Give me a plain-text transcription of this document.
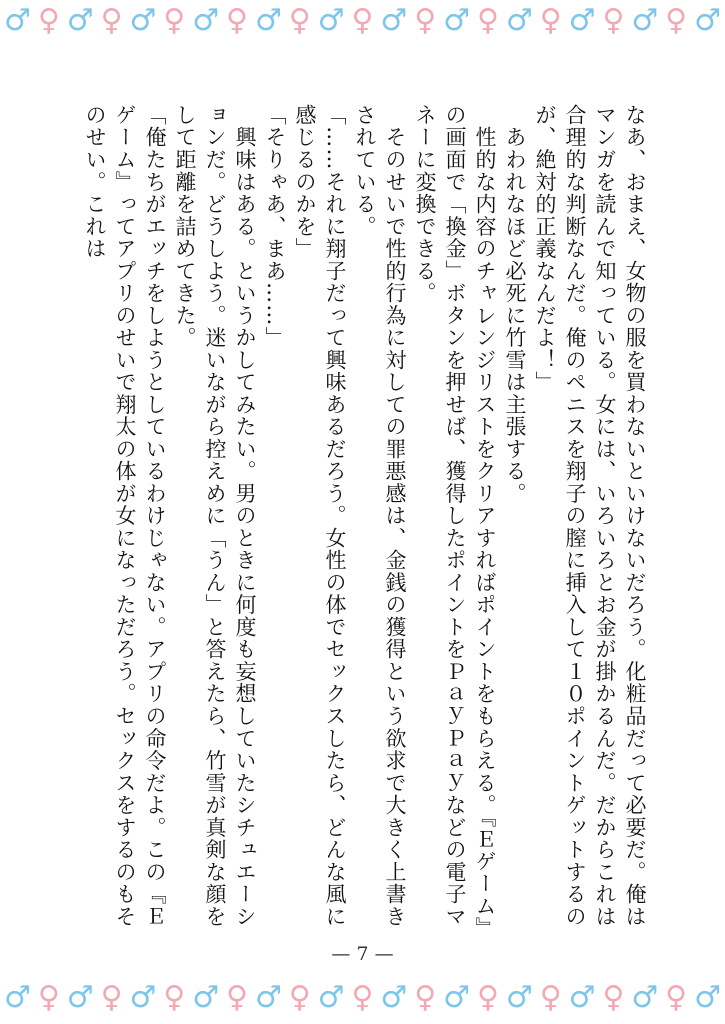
♂ ♀ ♂ ♀ ♂ ♀ ♂ ♀ ♂ ♀ ♂ ♀ ♂ ♀ ♂ ♀ ♂ ♀ ♂ ♀ ♂ ♀ ♂

なあ、おまえ、女物の服を買わないといけないだろう。化粧品だって必要だ。俺はマンガを読んで知っている。女には、いろいろとお金が掛かるんだ。だからこれは合理的な判断なんだ。俺のペニスを翔子の膣に挿入して１０ポイントゲットするのが、絶対的正義なんだよ！」

　あわれなほど必死に竹雪は主張する。

　性的な内容のチャレンジリストをクリアすればポイントをもらえる。『Ｅゲーム』の画面で「換金」ボタンを押せば、獲得したポイントをＰａｙＰａｙなどの電子マネーに変換できる。

　そのせいで性的行為に対しての罪悪感は、金銭の獲得という欲求で大きく上書きされている。

「……それに翔子だって興味あるだろう。女性の体でセックスしたら、どんな風に感じるのかを」

「そりゃあ、まあ……」

　興味はある。というかしてみたい。男のときに何度も妄想していたシチュエーションだ。どうしよう。迷いながら控えめに「うん」と答えたら、竹雪が真剣な顔をして距離を詰めてきた。

「俺たちがエッチをしようとしているわけじゃない。アプリの命令だよ。この『Ｅゲーム』ってアプリのせいで翔太の体が女になっただろう。セックスをするのもそのせい。これは

— 7 —
♂ ♀ ♂ ♀ ♂ ♀ ♂ ♀ ♂ ♀ ♂ ♀ ♂ ♀ ♂ ♀ ♂ ♀ ♂ ♀ ♂ ♀ ♂
